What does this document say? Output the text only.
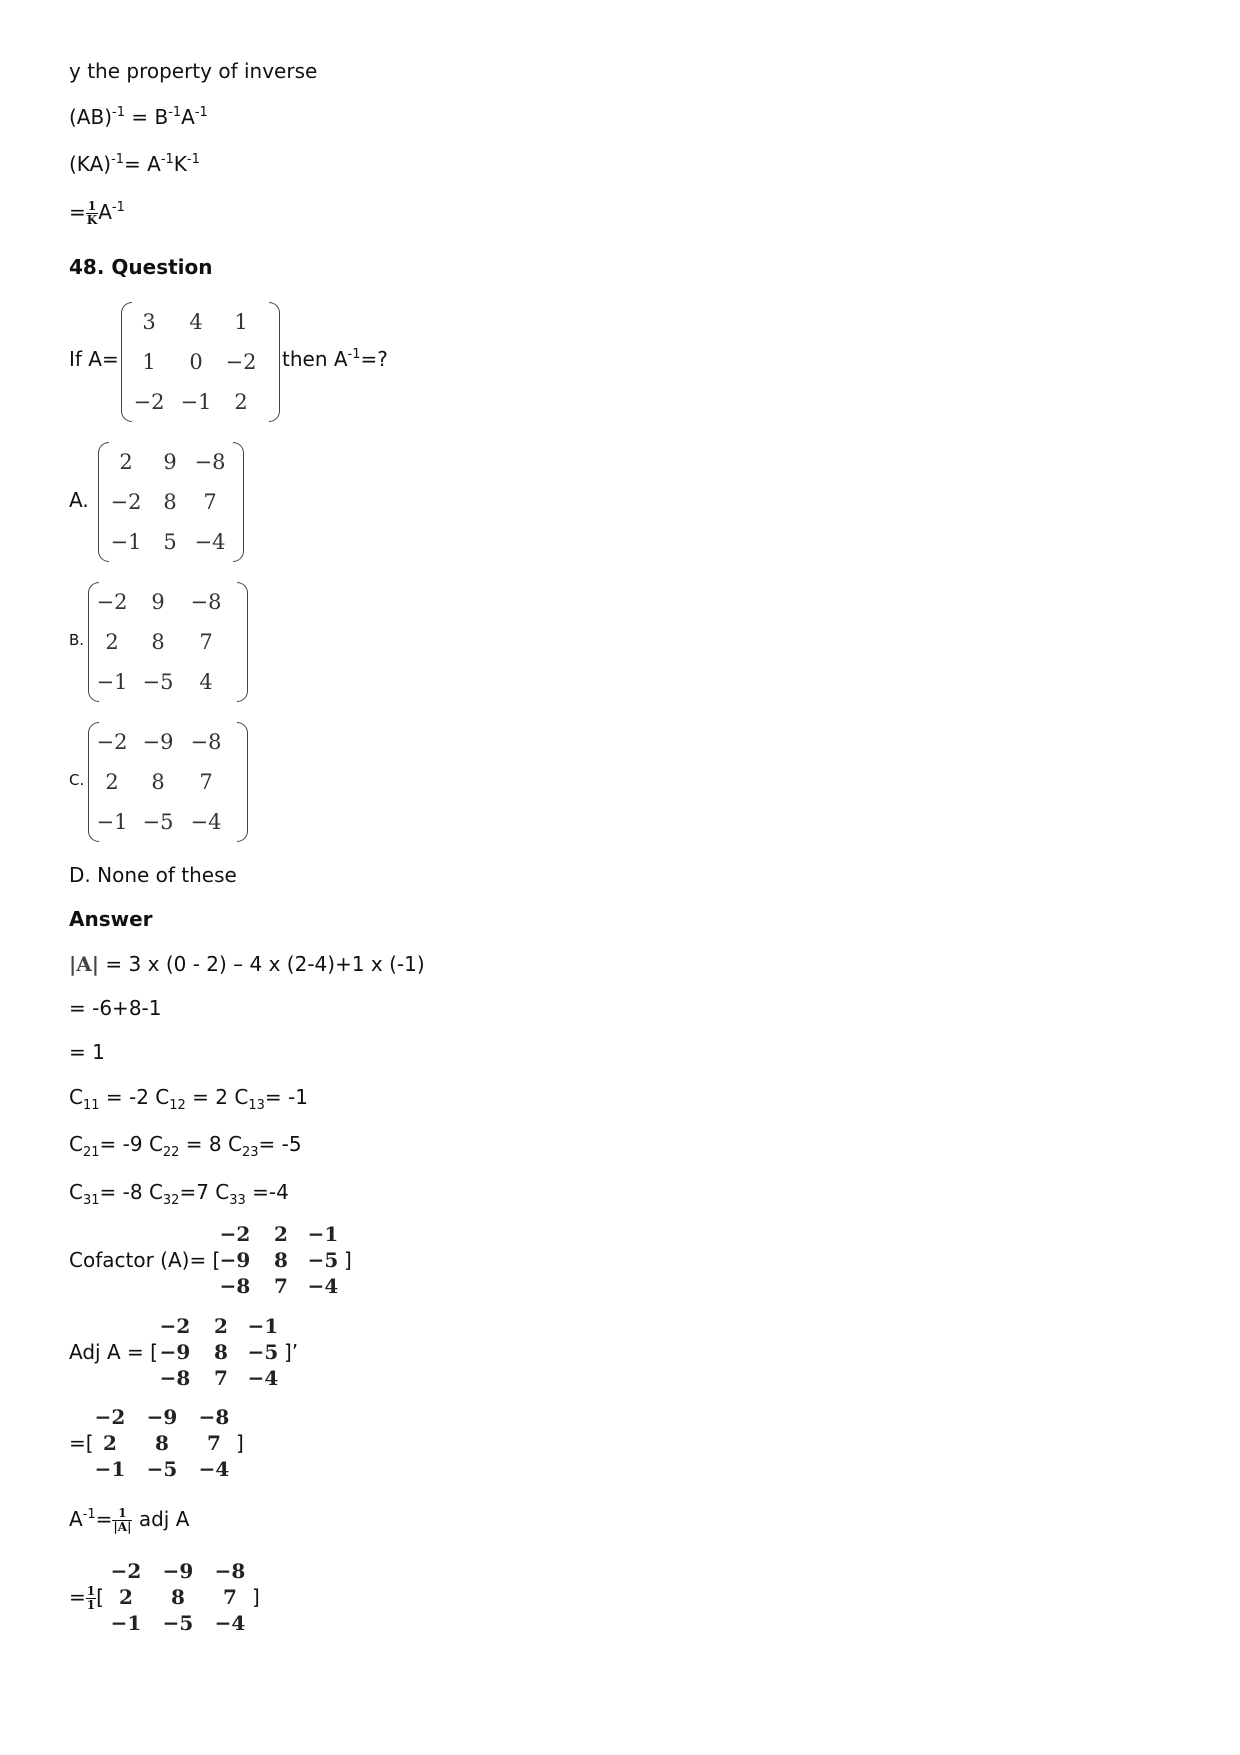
y the property of inverse
$(AB)^{-1} = B^{-1}A^{-1}$
$(KA)^{-1}= A^{-1}K^{-1}$
= $\frac{1}{K} A^{-1}$
48. Question
If A=
3	4	1
1	0	−2
−2 −1	2
then $A^{-1}=$?
A.
2	9 −8
−2	8	7
−1	5 −4
B.
−2	9	−8
2	8	7
−1 −5	4
C.
−2 −9 −8
2	8	7
−1 −5 −4
D. None of these
Answer
|A| = 3 x (0 - 2) – 4 x (2-4)+1 x (-1)
= -6+8-1
= 1
$C_{11} = -2$ $C_{12} = 2$ $C_{13}= -1$
$C_{21}= -9$ $C_{22} = 8$ $C_{23}= -5$
$C_{31}= -8$ $C_{32}=7$ $C_{33} =-4$
Cofactor (A)= [
−2	2 −1
−9	8 −5
−8	7 −4
]
Adj A = [
−2	2 −1
−9	8 −5
−8	7 −4
]’
=[
−2 −9 −8
2	8	7
−1 −5 −4
]
$A^{-1}= \frac{1}{|A|}$ adj A
= $\frac{1}{1}$ [
−2 −9 −8
2	8	7
−1 −5 −4
]
